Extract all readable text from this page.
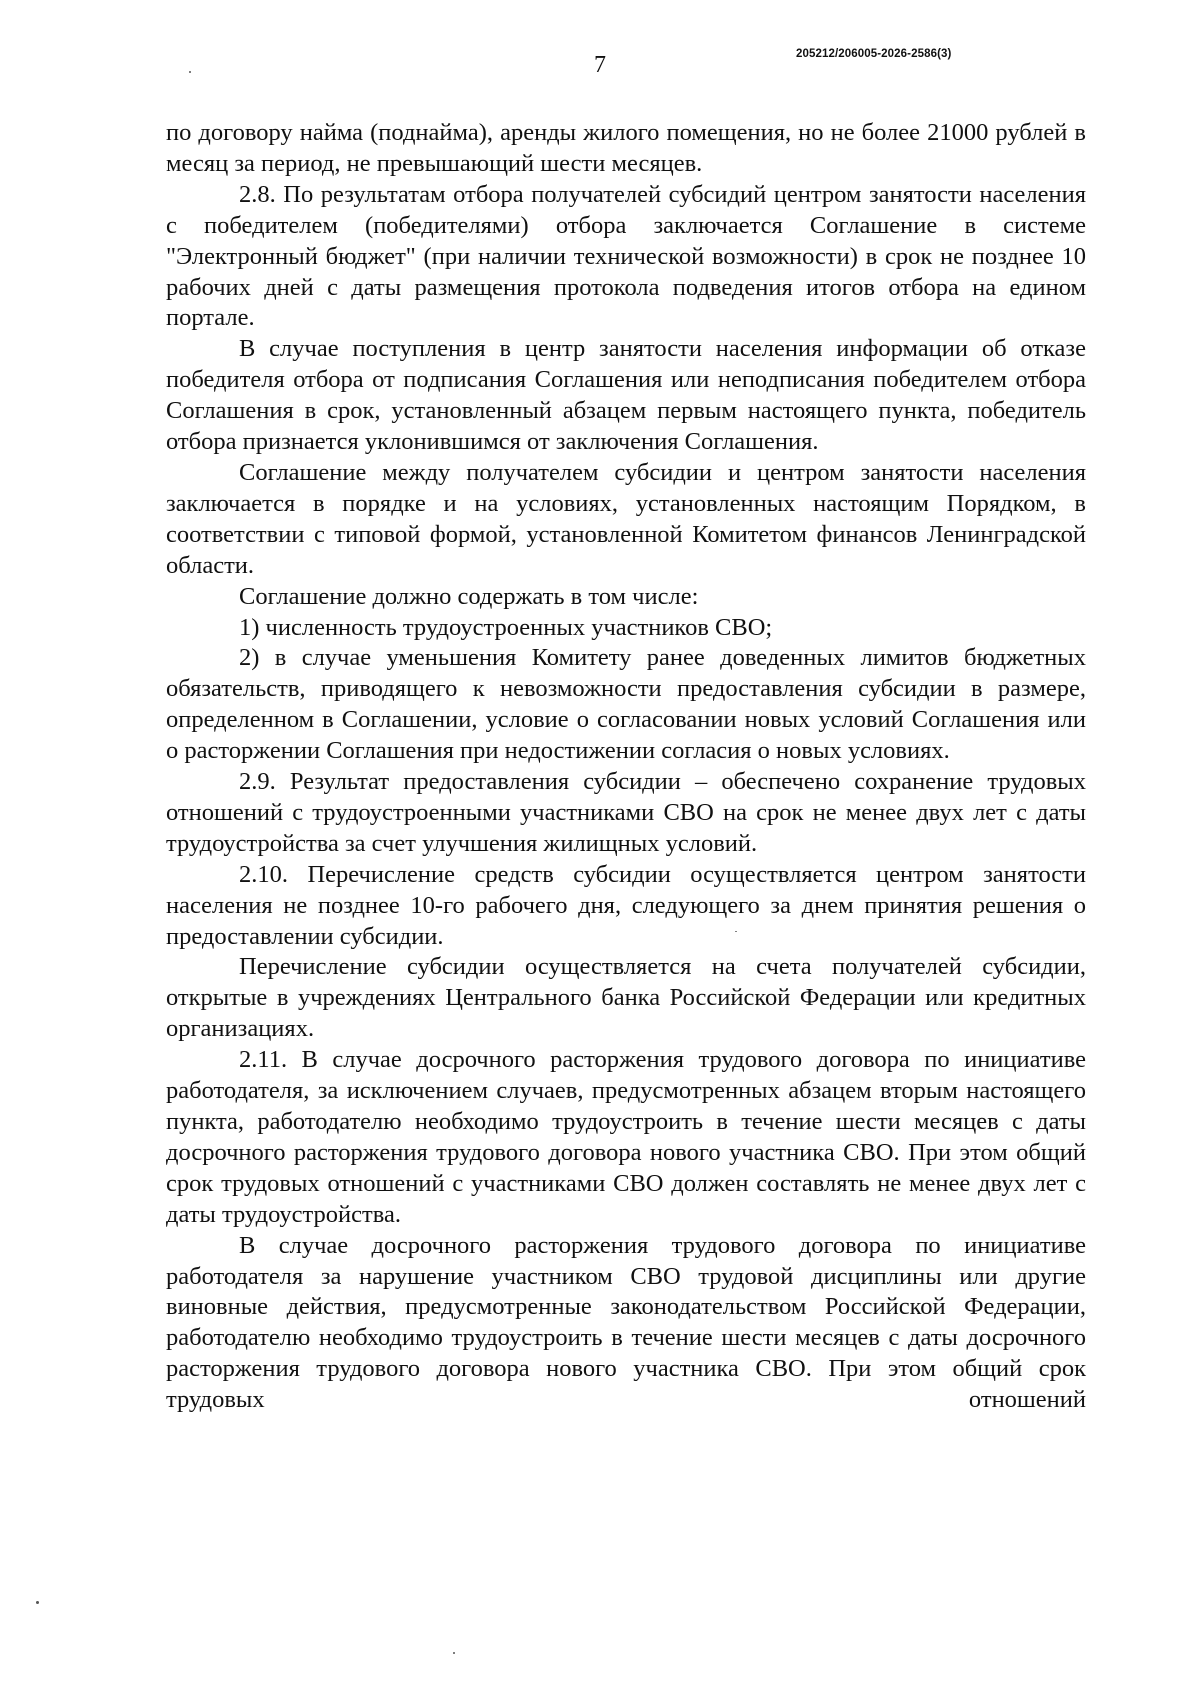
7	205212/206005-2026-2586(3)

по договору найма (поднайма), аренды жилого помещения, но не более 21000 рублей в месяц за период, не превышающий шести месяцев.

2.8. По результатам отбора получателей субсидий центром занятости населения с победителем (победителями) отбора заключается Соглашение в системе "Электронный бюджет" (при наличии технической возможности) в срок не позднее 10 рабочих дней с даты размещения протокола подведения итогов отбора на едином портале.

В случае поступления в центр занятости населения информации об отказе победителя отбора от подписания Соглашения или неподписания победителем отбора Соглашения в срок, установленный абзацем первым настоящего пункта, победитель отбора признается уклонившимся от заключения Соглашения.

Соглашение между получателем субсидии и центром занятости населения заключается в порядке и на условиях, установленных настоящим Порядком, в соответствии с типовой формой, установленной Комитетом финансов Ленинградской области.

Соглашение должно содержать в том числе:

1) численность трудоустроенных участников СВО;

2) в случае уменьшения Комитету ранее доведенных лимитов бюджетных обязательств, приводящего к невозможности предоставления субсидии в размере, определенном в Соглашении, условие о согласовании новых условий Соглашения или о расторжении Соглашения при недостижении согласия о новых условиях.

2.9. Результат предоставления субсидии – обеспечено сохранение трудовых отношений с трудоустроенными участниками СВО на срок не менее двух лет с даты трудоустройства за счет улучшения жилищных условий.

2.10. Перечисление средств субсидии осуществляется центром занятости населения не позднее 10-го рабочего дня, следующего за днем принятия решения о предоставлении субсидии.

Перечисление субсидии осуществляется на счета получателей субсидии, открытые в учреждениях Центрального банка Российской Федерации или кредитных организациях.

2.11. В случае досрочного расторжения трудового договора по инициативе работодателя, за исключением случаев, предусмотренных абзацем вторым настоящего пункта, работодателю необходимо трудоустроить в течение шести месяцев с даты досрочного расторжения трудового договора нового участника СВО. При этом общий срок трудовых отношений с участниками СВО должен составлять не менее двух лет с даты трудоустройства.

В случае досрочного расторжения трудового договора по инициативе работодателя за нарушение участником СВО трудовой дисциплины или другие виновные действия, предусмотренные законодательством Российской Федерации, работодателю необходимо трудоустроить в течение шести месяцев с даты досрочного расторжения трудового договора нового участника СВО. При этом общий срок трудовых отношений
